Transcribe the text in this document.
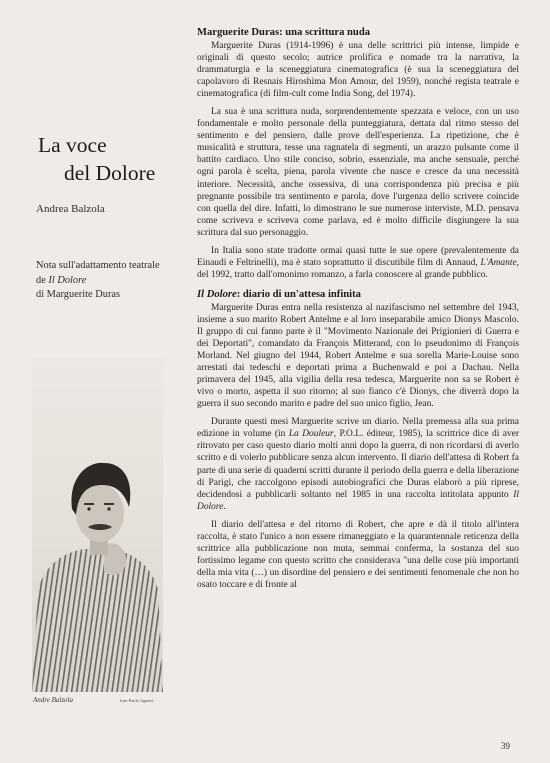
La voce

del Dolore
Andrea Balzola
Nota sull'adattamento teatrale
de Il Dolore
di Marguerite Duras
Andre Balzola	foto Paolo Agnesi
Marguerite Duras: una scrittura nuda

Marguerite Duras (1914-1996) è una delle scrittrici più intense, limpide e originali di questo secolo; autrice prolifica e nomade tra la narrativa, la drammaturgia e la sceneggiatura cinematografica (è sua la sceneggiatura del capolavoro di Resnais Hiroshima Mon Amour, del 1959), nonché regista teatrale e cinematografica (di film-cult come India Song, del 1974).

La sua è una scrittura nuda, sorprendentemente spezzata e veloce, con un uso fondamentale e molto personale della punteggiatura, dettata dal ritmo stesso del sentimento e del pensiero, dalle prove dell'esperienza. La ripetizione, che è musicalità e struttura, tesse una ragnatela di segmenti, un arazzo pulsante come il battito cardiaco. Uno stile conciso, sobrio, essenziale, ma anche sensuale, perché ogni parola è scelta, piena, parola vivente che nasce e cresce da una necessità interiore. Necessità, anche ossessiva, di una corrispondenza più precisa e più pregnante possibile tra sentimento e parola, dove l'urgenza dello scrivere coincide con quella del dire. Infatti, lo dimostrano le sue numerose interviste, M.D. pensava come scriveva e scriveva come parlava, ed è molto difficile disgiungere la sua scrittura dal suo personaggio.

In Italia sono state tradotte ormai quasi tutte le sue opere (prevalentemente da Einaudi e Feltrinelli), ma è stato soprattutto il discutibile film di Annaud, L'Amante, del 1992, tratto dall'omonimo romanzo, a farla conoscere al grande pubblico.

Il Dolore: diario di un'attesa infinita

Marguerite Duras entra nella resistenza al nazifascismo nel settembre del 1943, insieme a suo marito Robert Antelme e al loro inseparabile amico Dionys Mascolo. Il gruppo di cui fanno parte è il "Movimento Nazionale dei Prigionieri di Guerra e dei Deportati", comandato da François Mitterand, con lo pseudonimo di François Morland. Nel giugno del 1944, Robert Antelme e sua sorella Marie-Louise sono arrestati dai tedeschi e deportati prima a Buchenwald e poi a Dachau. Nella primavera del 1945, alla vigilia della resa tedesca, Marguerite non sa se Robert è vivo o morto, aspetta il suo ritorno; al suo fianco c'è Dionys, che diverrà dopo la guerra il suo secondo marito e padre del suo unico figlio, Jean.

Durante questi mesi Marguerite scrive un diario. Nella premessa alla sua prima edizione in volume (in La Douleur, P.O.L. éditeur, 1985), la scrittrice dice di aver ritrovato per caso questo diario molti anni dopo la guerra, di non ricordarsi di averlo scritto e di volerlo pubblicare senza alcun intervento. Il diario dell'attesa di Robert fa parte di una serie di quaderni scritti durante il periodo della guerra e della liberazione di Parigi, che raccolgono episodi autobiografici che Duras elaborò a più riprese, decidendosi a pubblicarli soltanto nel 1985 in una raccolta intitolata appunto Il Dolore.

Il diario dell'attesa e del ritorno di Robert, che apre e dà il titolo all'intera raccolta, è stato l'unico a non essere rimaneggiato e la quarantennale reticenza della scrittrice alla pubblicazione non muta, semmai conferma, la sostanza del suo fortissimo legame con questo scritto che considerava "una delle cose più importanti della mia vita (…) un disordine del pensiero e dei sentimenti fenomenale che non ho osato toccare e di fronte al

39
